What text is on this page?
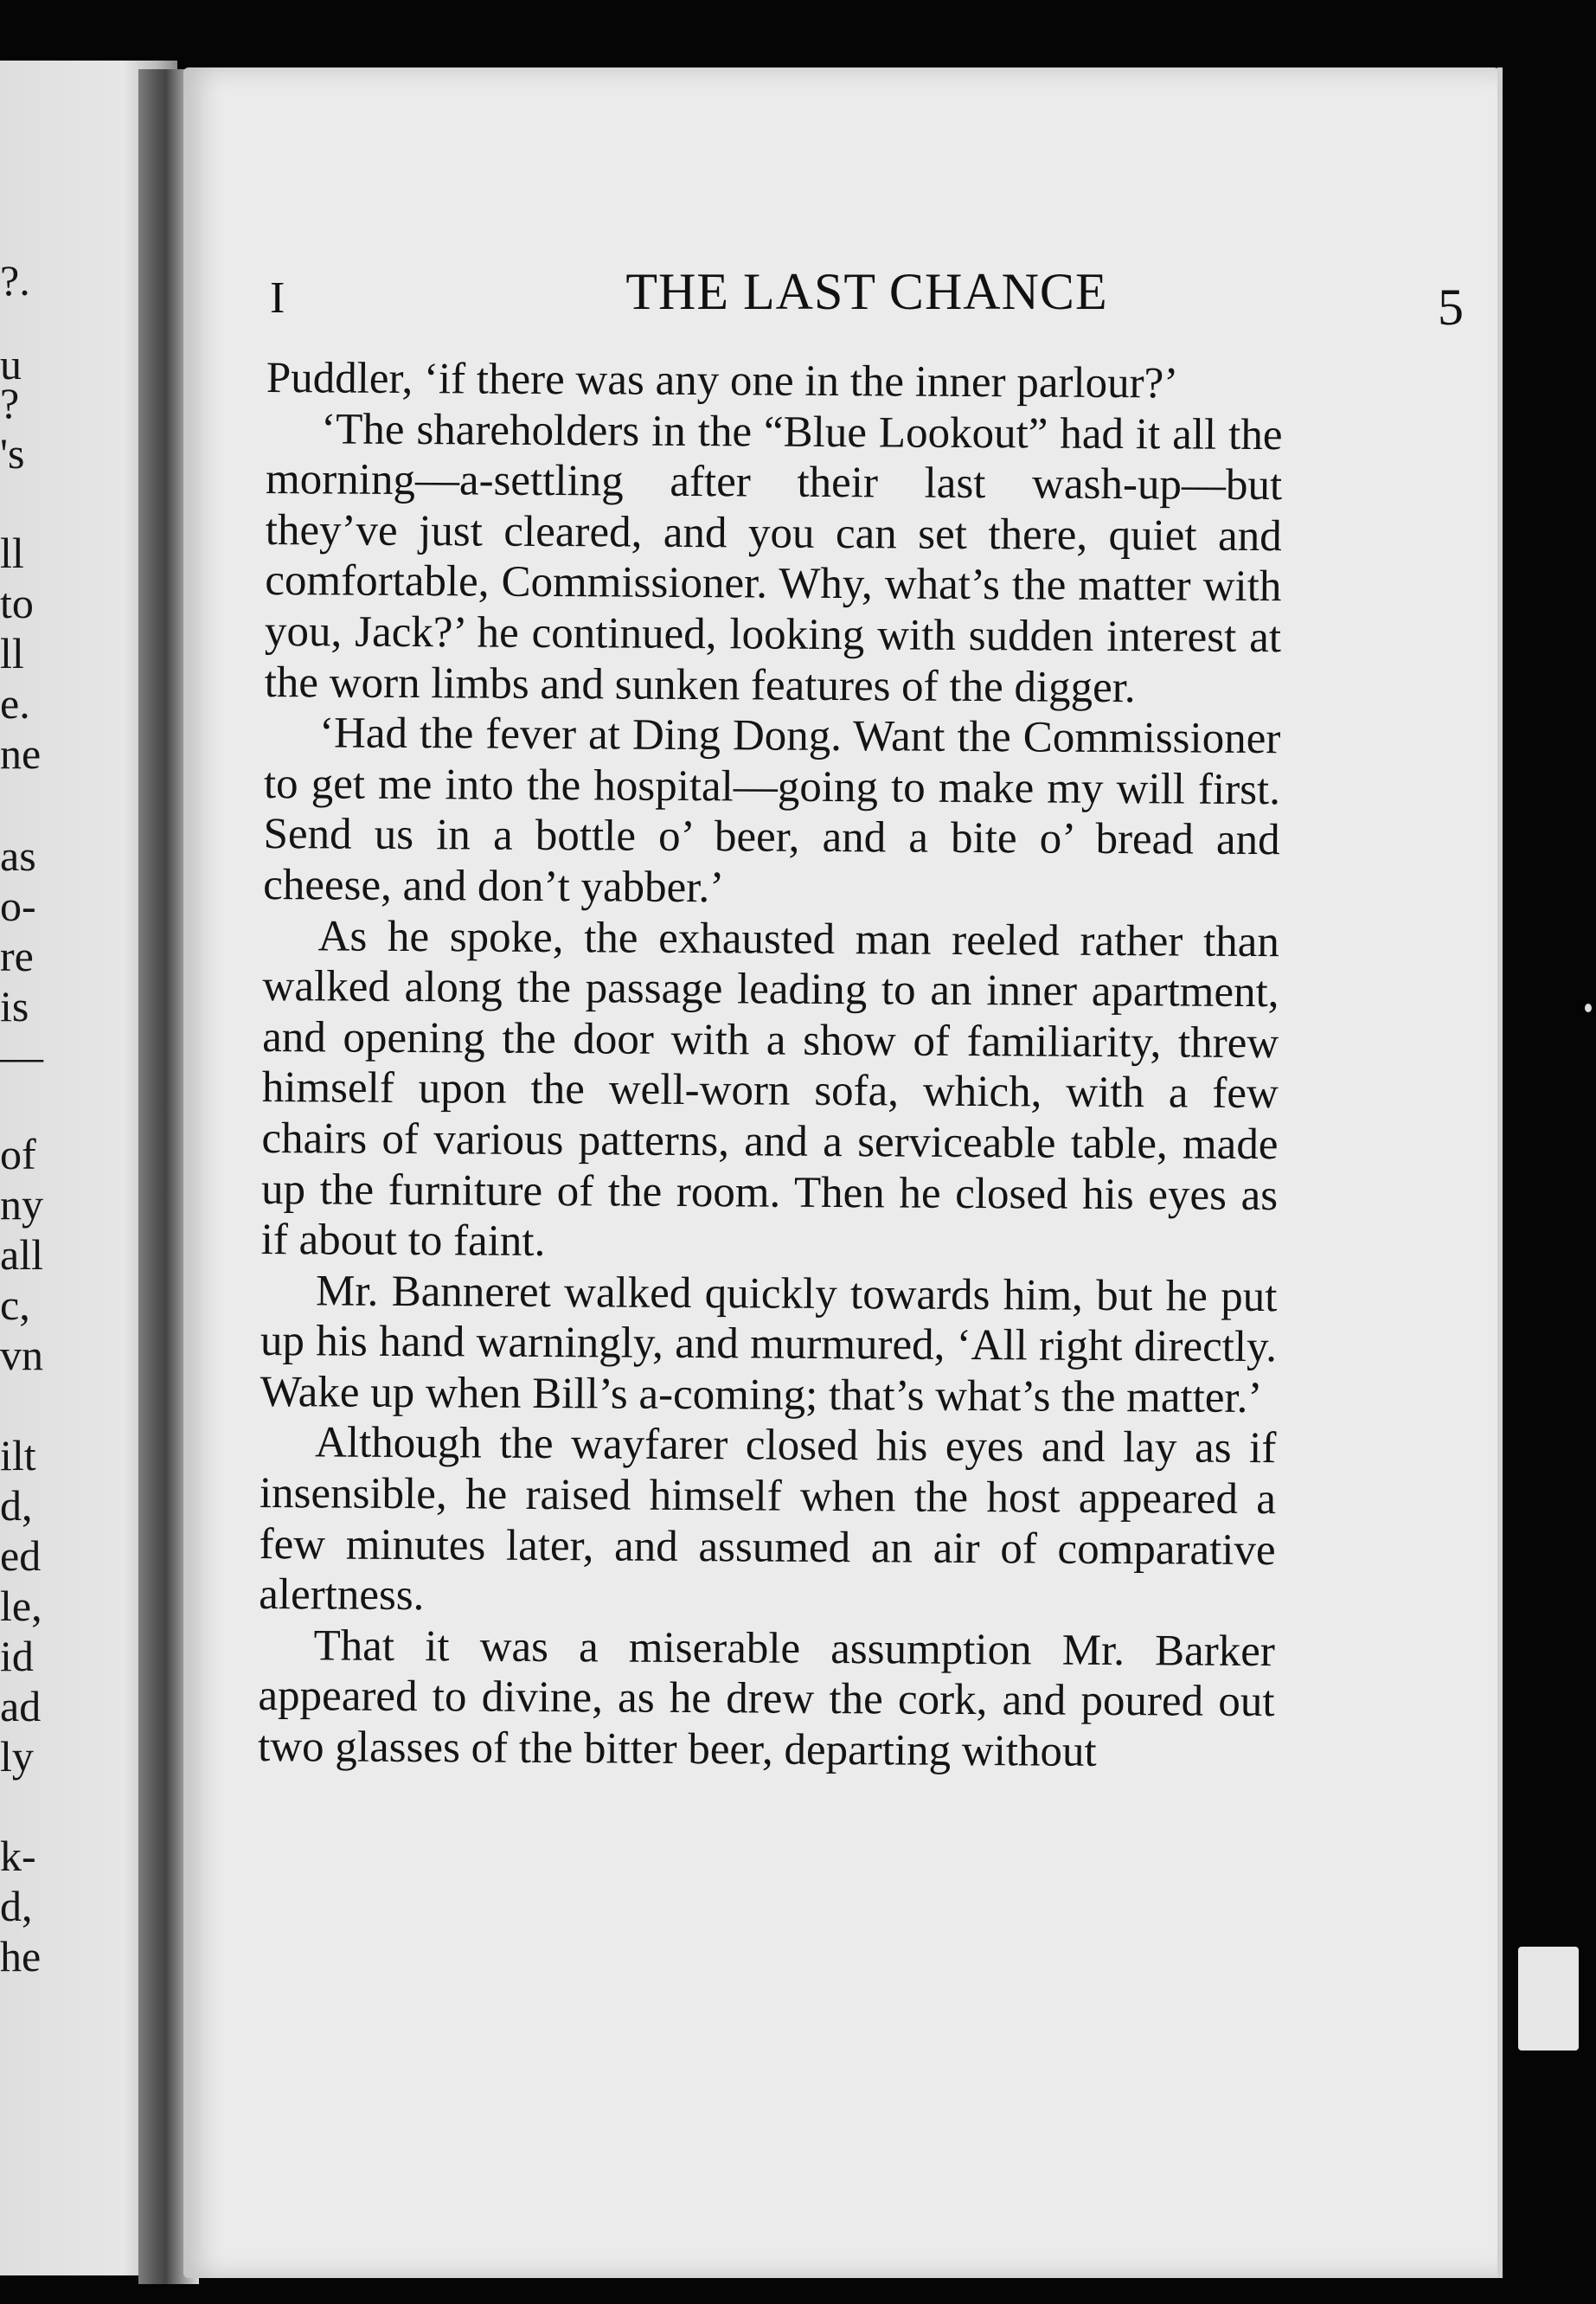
?.
u
?
's
ll
to
ll
e.
ne
as
o-
re
is
—
of
ny
all
c,
vn
ilt
d,
ed
le,
id
ad
ly
k-
d,
he
I	THE LAST CHANCE	5

Puddler, ‘if there was any one in the inner parlour?’

‘The shareholders in the “Blue Lookout” had it all the morning—a-settling after their last wash-up—but they’ve just cleared, and you can set there, quiet and comfortable, Commissioner. Why, what’s the matter with you, Jack?’ he continued, looking with sudden interest at the worn limbs and sunken features of the digger.

‘Had the fever at Ding Dong. Want the Commissioner to get me into the hospital—going to make my will first. Send us in a bottle o’ beer, and a bite o’ bread and cheese, and don’t yabber.’

As he spoke, the exhausted man reeled rather than walked along the passage leading to an inner apartment, and opening the door with a show of familiarity, threw himself upon the well-worn sofa, which, with a few chairs of various patterns, and a serviceable table, made up the furniture of the room. Then he closed his eyes as if about to faint.

Mr. Banneret walked quickly towards him, but he put up his hand warningly, and murmured, ‘All right directly. Wake up when Bill’s a-coming; that’s what’s the matter.’

Although the wayfarer closed his eyes and lay as if insensible, he raised himself when the host appeared a few minutes later, and assumed an air of comparative alertness.

That it was a miserable assumption Mr. Barker appeared to divine, as he drew the cork, and poured out two glasses of the bitter beer, departing without
